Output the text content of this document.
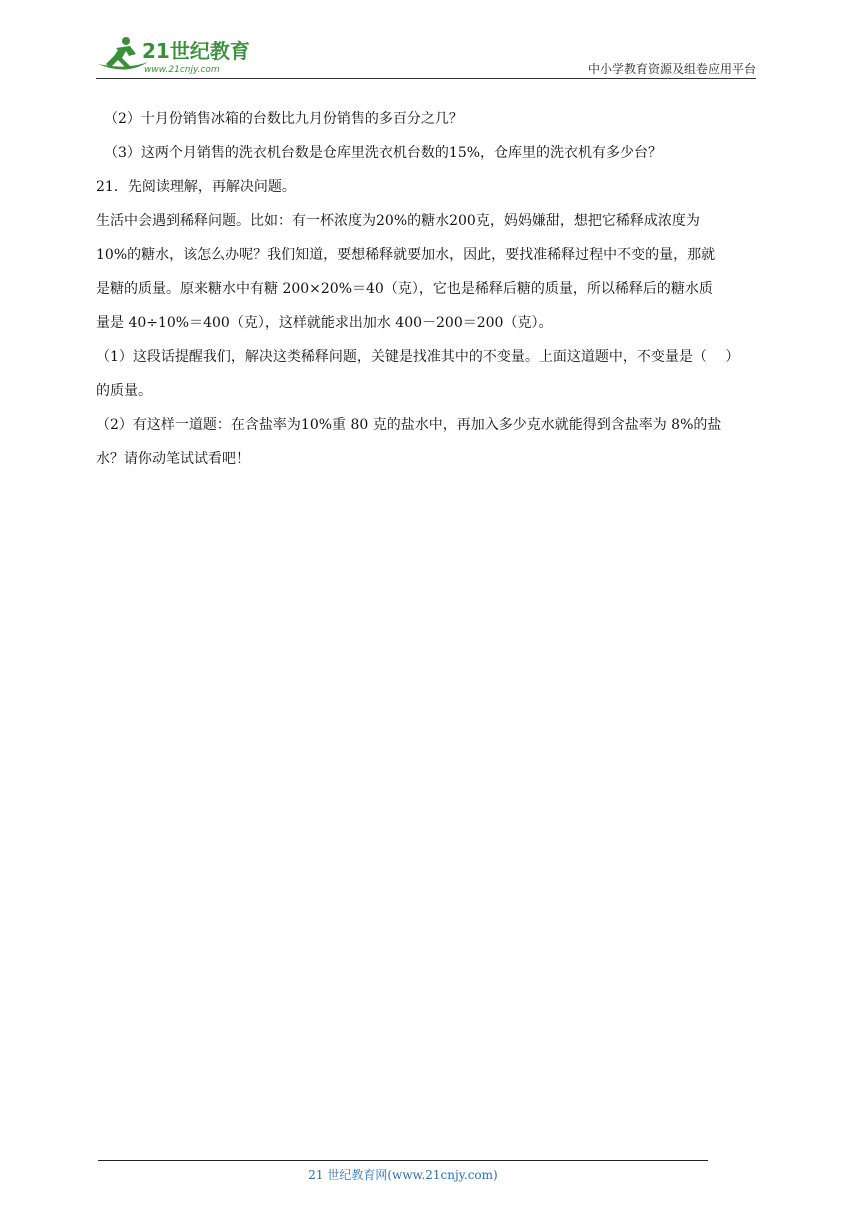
21世纪教育
www.21cnjy.com	中小学教育资源及组卷应用平台

（2）十月份销售冰箱的台数比九月份销售的多百分之几？

（3）这两个月销售的洗衣机台数是仓库里洗衣机台数的15%，仓库里的洗衣机有多少台？

21．先阅读理解，再解决问题。

生活中会遇到稀释问题。比如：有一杯浓度为20%的糖水200克，妈妈嫌甜，想把它稀释成浓度为

10%的糖水，该怎么办呢？我们知道，要想稀释就要加水，因此，要找准稀释过程中不变的量，那就

是糖的质量。原来糖水中有糖 200×20%＝40（克），它也是稀释后糖的质量，所以稀释后的糖水质

量是 40÷10%＝400（克），这样就能求出加水 400－200＝200（克）。

（1）这段话提醒我们，解决这类稀释问题，关键是找准其中的不变量。上面这道题中，不变量是（　 ）

的质量。

（2）有这样一道题：在含盐率为10%重 80 克的盐水中，再加入多少克水就能得到含盐率为 8%的盐

水？请你动笔试试看吧！

21 世纪教育网(www.21cnjy.com)
